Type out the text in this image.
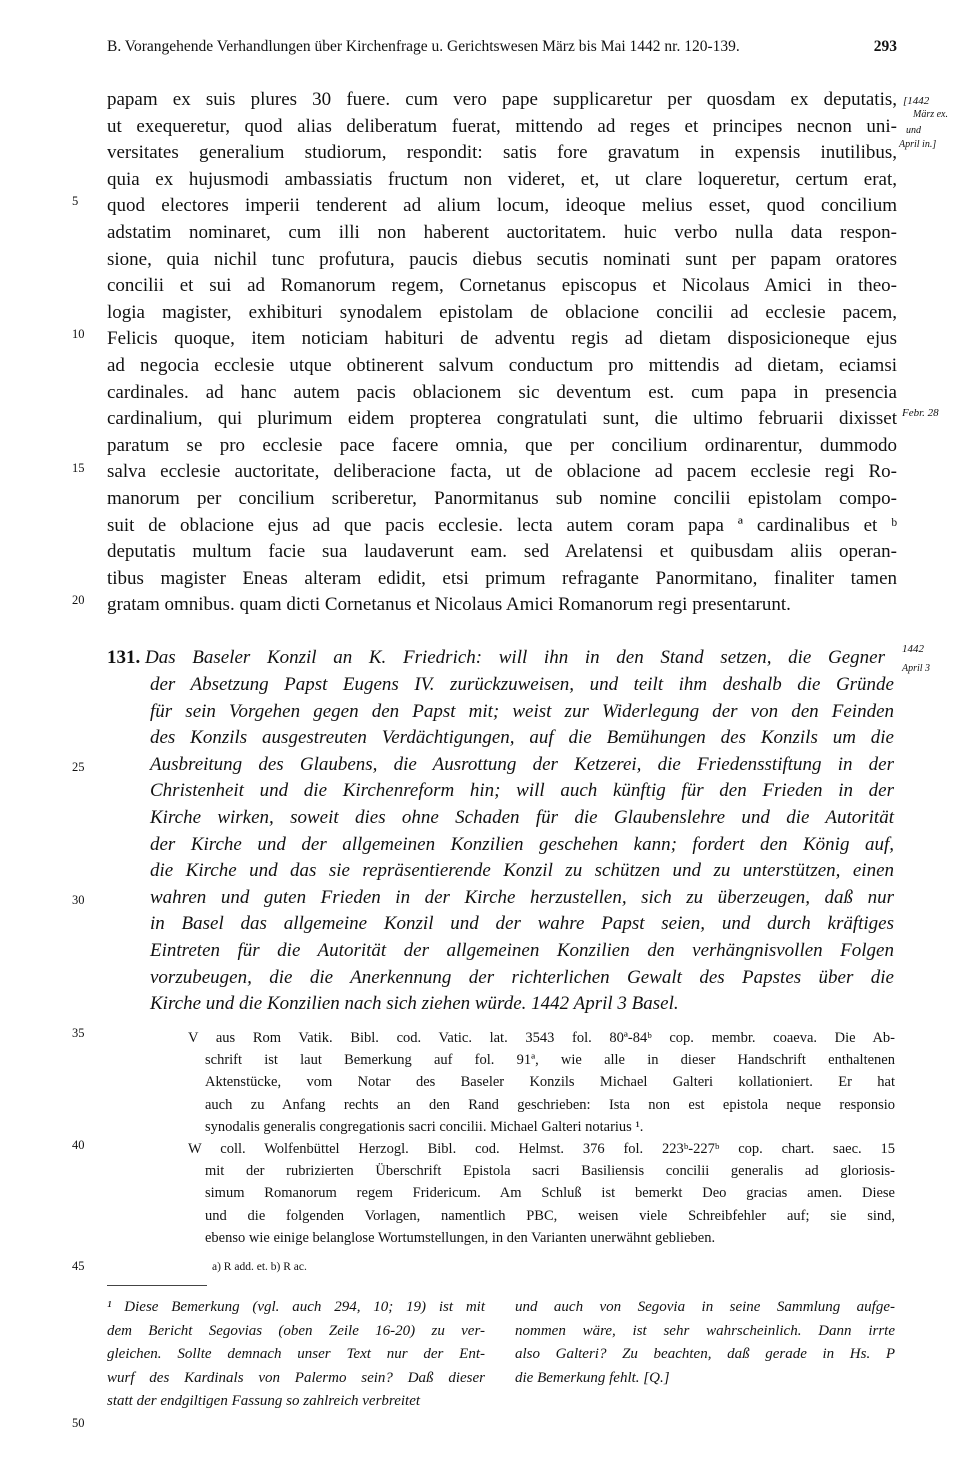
B. Vorangehende Verhandlungen über Kirchenfrage u. Gerichtswesen März bis Mai 1442 nr. 120-139.	293
[1442
März ex.
und
April in.]
Febr. 28
1442
April 3
papam ex suis plures 30 fuere. cum vero pape supplicaretur per quosdam ex deputatis,
ut exequeretur, quod alias deliberatum fuerat, mittendo ad reges et principes necnon uni-
versitates generalium studiorum, respondit: satis fore gravatum in expensis inutilibus,
quia ex hujusmodi ambassiatis fructum non videret, et, ut clare loqueretur, certum erat,
quod electores imperii tenderent ad alium locum, ideoque melius esset, quod concilium
adstatim nominaret, cum illi non haberent auctoritatem. huic verbo nulla data respon-
sione, quia nichil tunc profutura, paucis diebus secutis nominati sunt per papam oratores
concilii et sui ad Romanorum regem, Cornetanus episcopus et Nicolaus Amici in theo-
logia magister, exhibituri synodalem epistolam de oblacione concilii ad ecclesie pacem,
Felicis quoque, item noticiam habituri de adventu regis ad dietam disposicioneque ejus
ad negocia ecclesie utque obtinerent salvum conductum pro mittendis ad dietam, eciamsi
cardinales. ad hanc autem pacis oblacionem sic deventum est. cum papa in presencia
cardinalium, qui plurimum eidem propterea congratulati sunt, die ultimo februarii dixisset
paratum se pro ecclesie pace facere omnia, que per concilium ordinarentur, dummodo
salva ecclesie auctoritate, deliberacione facta, ut de oblacione ad pacem ecclesie regi Ro-
manorum per concilium scriberetur, Panormitanus sub nomine concilii epistolam compo-
suit de oblacione ejus ad que pacis ecclesie. lecta autem coram papa ª cardinalibus et ᵇ
deputatis multum facie sua laudaverunt eam. sed Arelatensi et quibusdam aliis operan-
tibus magister Eneas alteram edidit, etsi primum refragante Panormitano, finaliter tamen
gratam omnibus. quam dicti Cornetanus et Nicolaus Amici Romanorum regi presentarunt.
5
10
15
20
25
30
35
40
45
50
131. Das Baseler Konzil an K. Friedrich: will ihn in den Stand setzen, die Gegner
der Absetzung Papst Eugens IV. zurückzuweisen, und teilt ihm deshalb die Gründe
für sein Vorgehen gegen den Papst mit; weist zur Widerlegung der von den Feinden
des Konzils ausgestreuten Verdächtigungen, auf die Bemühungen des Konzils um die
Ausbreitung des Glaubens, die Ausrottung der Ketzerei, die Friedensstiftung in der
Christenheit und die Kirchenreform hin; will auch künftig für den Frieden in der
Kirche wirken, soweit dies ohne Schaden für die Glaubenslehre und die Autorität
der Kirche und der allgemeinen Konzilien geschehen kann; fordert den König auf,
die Kirche und das sie repräsentierende Konzil zu schützen und zu unterstützen, einen
wahren und guten Frieden in der Kirche herzustellen, sich zu überzeugen, daß nur
in Basel das allgemeine Konzil und der wahre Papst seien, und durch kräftiges
Eintreten für die Autorität der allgemeinen Konzilien den verhängnisvollen Folgen
vorzubeugen, die die Anerkennung der richterlichen Gewalt des Papstes über die
Kirche und die Konzilien nach sich ziehen würde. 1442 April 3 Basel.
V aus Rom Vatik. Bibl. cod. Vatic. lat. 3543 fol. 80ª-84ᵇ cop. membr. coaeva. Die Ab-
schrift ist laut Bemerkung auf fol. 91ª, wie alle in dieser Handschrift enthaltenen
Aktenstücke, vom Notar des Baseler Konzils Michael Galteri kollationiert. Er hat
auch zu Anfang rechts an den Rand geschrieben: Ista non est epistola neque responsio
synodalis generalis congregationis sacri concilii. Michael Galteri notarius ¹.
W coll. Wolfenbüttel Herzogl. Bibl. cod. Helmst. 376 fol. 223ᵇ-227ᵇ cop. chart. saec. 15
mit der rubrizierten Überschrift Epistola sacri Basiliensis concilii generalis ad gloriosis-
simum Romanorum regem Fridericum. Am Schluß ist bemerkt Deo gracias amen. Diese
und die folgenden Vorlagen, namentlich PBC, weisen viele Schreibfehler auf; sie sind,
ebenso wie einige belanglose Wortumstellungen, in den Varianten unerwähnt geblieben.
a) R add. et. b) R ac.
¹ Diese Bemerkung (vgl. auch 294, 10; 19) ist mit
dem Bericht Segovias (oben Zeile 16-20) zu ver-
gleichen. Sollte demnach unser Text nur der Ent-
wurf des Kardinals von Palermo sein? Daß dieser
statt der endgiltigen Fassung so zahlreich verbreitet
und auch von Segovia in seine Sammlung aufge-
nommen wäre, ist sehr wahrscheinlich. Dann irrte
also Galteri? Zu beachten, daß gerade in Hs. P
die Bemerkung fehlt. [Q.]
